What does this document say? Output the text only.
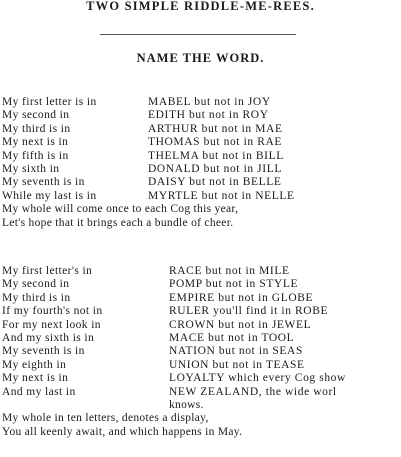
TWO SIMPLE RIDDLE-ME-REES.
NAME THE WORD.
My first letter is in	MABEL but not in JOY
My second in	EDITH but not in ROY
My third is in	ARTHUR but not in MAE
My next is in	THOMAS but not in RAE
My fifth is in	THELMA but not in BILL
My sixth in	DONALD but not in JILL
My seventh is in	DAISY but not in BELLE
While my last is in	MYRTLE but not in NELLE
My whole will come once to each Cog this year,
Let's hope that it brings each a bundle of cheer.
My first letter's in	RACE but not in MILE
My second in	POMP but not in STYLE
My third is in	EMPIRE but not in GLOBE
If my fourth's not in	RULER you'll find it in ROBE
For my next look in	CROWN but not in JEWEL
And my sixth is in	MACE but not in TOOL
My seventh is in	NATION but not in SEAS
My eighth in	UNION but not in TEASE
My next is in	LOYALTY which every Cog show
And my last in	NEW ZEALAND, the wide worl
knows.
My whole in ten letters, denotes a display,
You all keenly await, and which happens in May.
